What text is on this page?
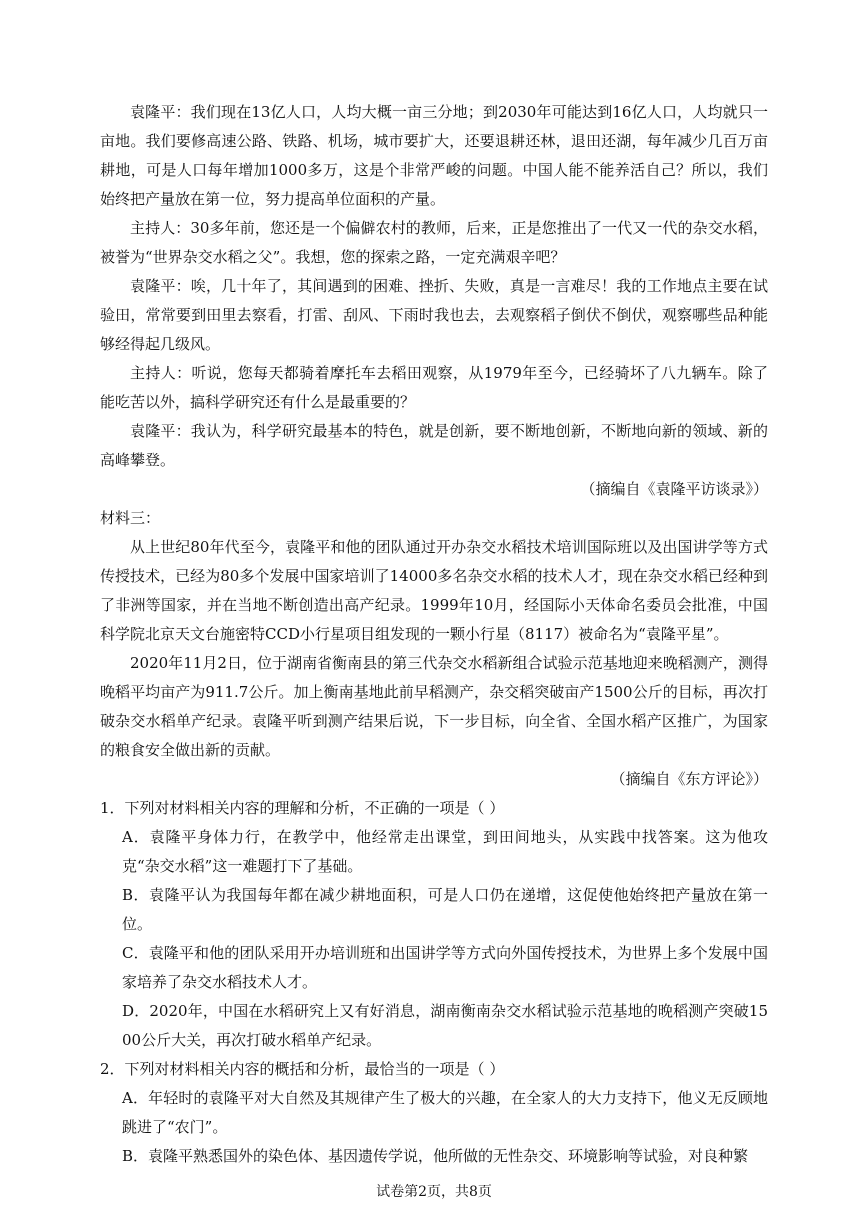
袁隆平：我们现在13亿人口，人均大概一亩三分地；到2030年可能达到16亿人口，人均就只一亩地。我们要修高速公路、铁路、机场，城市要扩大，还要退耕还林，退田还湖，每年减少几百万亩耕地，可是人口每年增加1000多万，这是个非常严峻的问题。中国人能不能养活自己？所以，我们始终把产量放在第一位，努力提高单位面积的产量。

主持人：30多年前，您还是一个偏僻农村的教师，后来，正是您推出了一代又一代的杂交水稻，被誉为“世界杂交水稻之父”。我想，您的探索之路，一定充满艰辛吧？

袁隆平：唉，几十年了，其间遇到的困难、挫折、失败，真是一言难尽！我的工作地点主要在试验田，常常要到田里去察看，打雷、刮风、下雨时我也去，去观察稻子倒伏不倒伏，观察哪些品种能够经得起几级风。

主持人：听说，您每天都骑着摩托车去稻田观察，从1979年至今，已经骑坏了八九辆车。除了能吃苦以外，搞科学研究还有什么是最重要的？

袁隆平：我认为，科学研究最基本的特色，就是创新，要不断地创新，不断地向新的领域、新的高峰攀登。

（摘编自《袁隆平访谈录》）

材料三：

从上世纪80年代至今，袁隆平和他的团队通过开办杂交水稻技术培训国际班以及出国讲学等方式传授技术，已经为80多个发展中国家培训了14000多名杂交水稻的技术人才，现在杂交水稻已经种到了非洲等国家，并在当地不断创造出高产纪录。1999年10月，经国际小天体命名委员会批准，中国科学院北京天文台施密特CCD小行星项目组发现的一颗小行星（8117）被命名为“袁隆平星”。

2020年11月2日，位于湖南省衡南县的第三代杂交水稻新组合试验示范基地迎来晚稻测产，测得晚稻平均亩产为911.7公斤。加上衡南基地此前早稻测产，杂交稻突破亩产1500公斤的目标，再次打破杂交水稻单产纪录。袁隆平听到测产结果后说，下一步目标，向全省、全国水稻产区推广，为国家的粮食安全做出新的贡献。

（摘编自《东方评论》）

1．下列对材料相关内容的理解和分析，不正确的一项是（ ）

A．袁隆平身体力行，在教学中，他经常走出课堂，到田间地头，从实践中找答案。这为他攻克“杂交水稻”这一难题打下了基础。

B．袁隆平认为我国每年都在减少耕地面积，可是人口仍在递增，这促使他始终把产量放在第一位。

C．袁隆平和他的团队采用开办培训班和出国讲学等方式向外国传授技术，为世界上多个发展中国家培养了杂交水稻技术人才。

D．2020年，中国在水稻研究上又有好消息，湖南衡南杂交水稻试验示范基地的晚稻测产突破1500公斤大关，再次打破水稻单产纪录。

2．下列对材料相关内容的概括和分析，最恰当的一项是（ ）

A．年轻时的袁隆平对大自然及其规律产生了极大的兴趣，在全家人的大力支持下，他义无反顾地跳进了“农门”。

B．袁隆平熟悉国外的染色体、基因遗传学说，他所做的无性杂交、环境影响等试验，对良种繁

试卷第2页，共8页
